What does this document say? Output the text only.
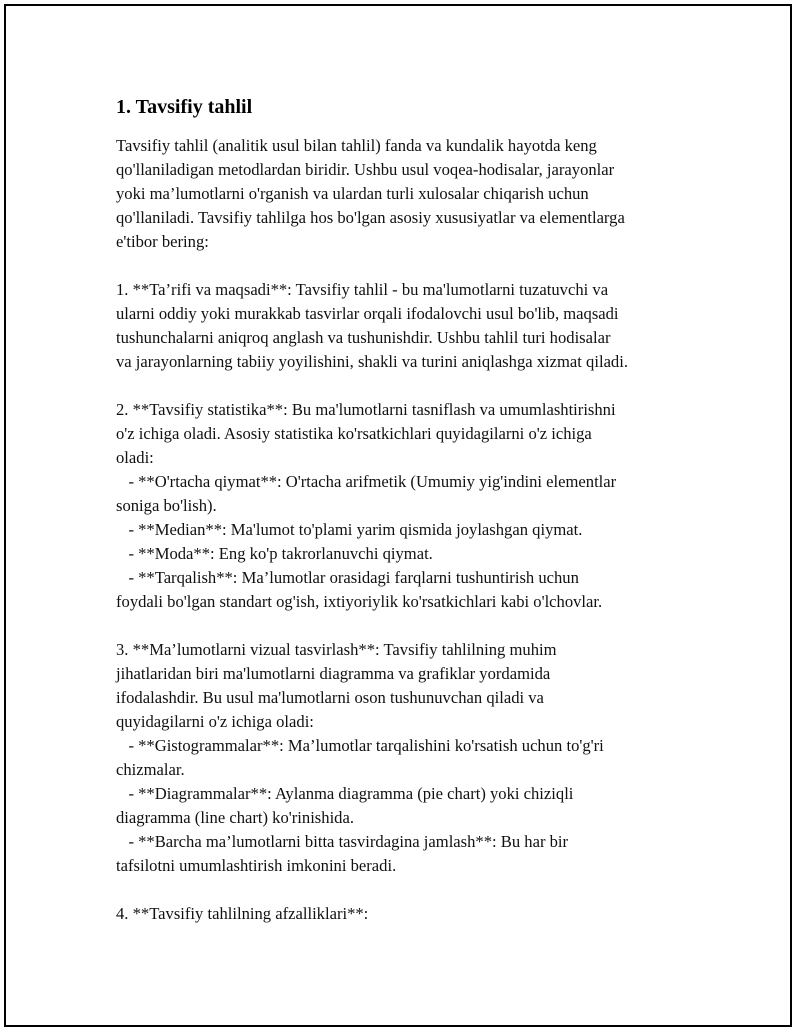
1. Tavsifiy tahlil
Tavsifiy tahlil (analitik usul bilan tahlil) fanda va kundalik hayotda keng
qo'llaniladigan metodlardan biridir. Ushbu usul voqea-hodisalar, jarayonlar
yoki ma’lumotlarni o'rganish va ulardan turli xulosalar chiqarish uchun
qo'llaniladi. Tavsifiy tahlilga hos bo'lgan asosiy xususiyatlar va elementlarga
e'tibor bering:
1. **Ta’rifi va maqsadi**: Tavsifiy tahlil - bu ma'lumotlarni tuzatuvchi va
ularni oddiy yoki murakkab tasvirlar orqali ifodalovchi usul bo'lib, maqsadi
tushunchalarni aniqroq anglash va tushunishdir. Ushbu tahlil turi hodisalar
va jarayonlarning tabiiy yoyilishini, shakli va turini aniqlashga xizmat qiladi.
2. **Tavsifiy statistika**: Bu ma'lumotlarni tasniflash va umumlashtirishni
o'z ichiga oladi. Asosiy statistika ko'rsatkichlari quyidagilarni o'z ichiga
oladi:
- **O'rtacha qiymat**: O'rtacha arifmetik (Umumiy yig'indini elementlar
soniga bo'lish).
- **Median**: Ma'lumot to'plami yarim qismida joylashgan qiymat.
- **Moda**: Eng ko'p takrorlanuvchi qiymat.
- **Tarqalish**: Ma’lumotlar orasidagi farqlarni tushuntirish uchun
foydali bo'lgan standart og'ish, ixtiyoriylik ko'rsatkichlari kabi o'lchovlar.
3. **Ma’lumotlarni vizual tasvirlash**: Tavsifiy tahlilning muhim
jihatlaridan biri ma'lumotlarni diagramma va grafiklar yordamida
ifodalashdir. Bu usul ma'lumotlarni oson tushunuvchan qiladi va
quyidagilarni o'z ichiga oladi:
- **Gistogrammalar**: Ma’lumotlar tarqalishini ko'rsatish uchun to'g'ri
chizmalar.
- **Diagrammalar**: Aylanma diagramma (pie chart) yoki chiziqli
diagramma (line chart) ko'rinishida.
- **Barcha ma’lumotlarni bitta tasvirdagina jamlash**: Bu har bir
tafsilotni umumlashtirish imkonini beradi.
4. **Tavsifiy tahlilning afzalliklari**:
